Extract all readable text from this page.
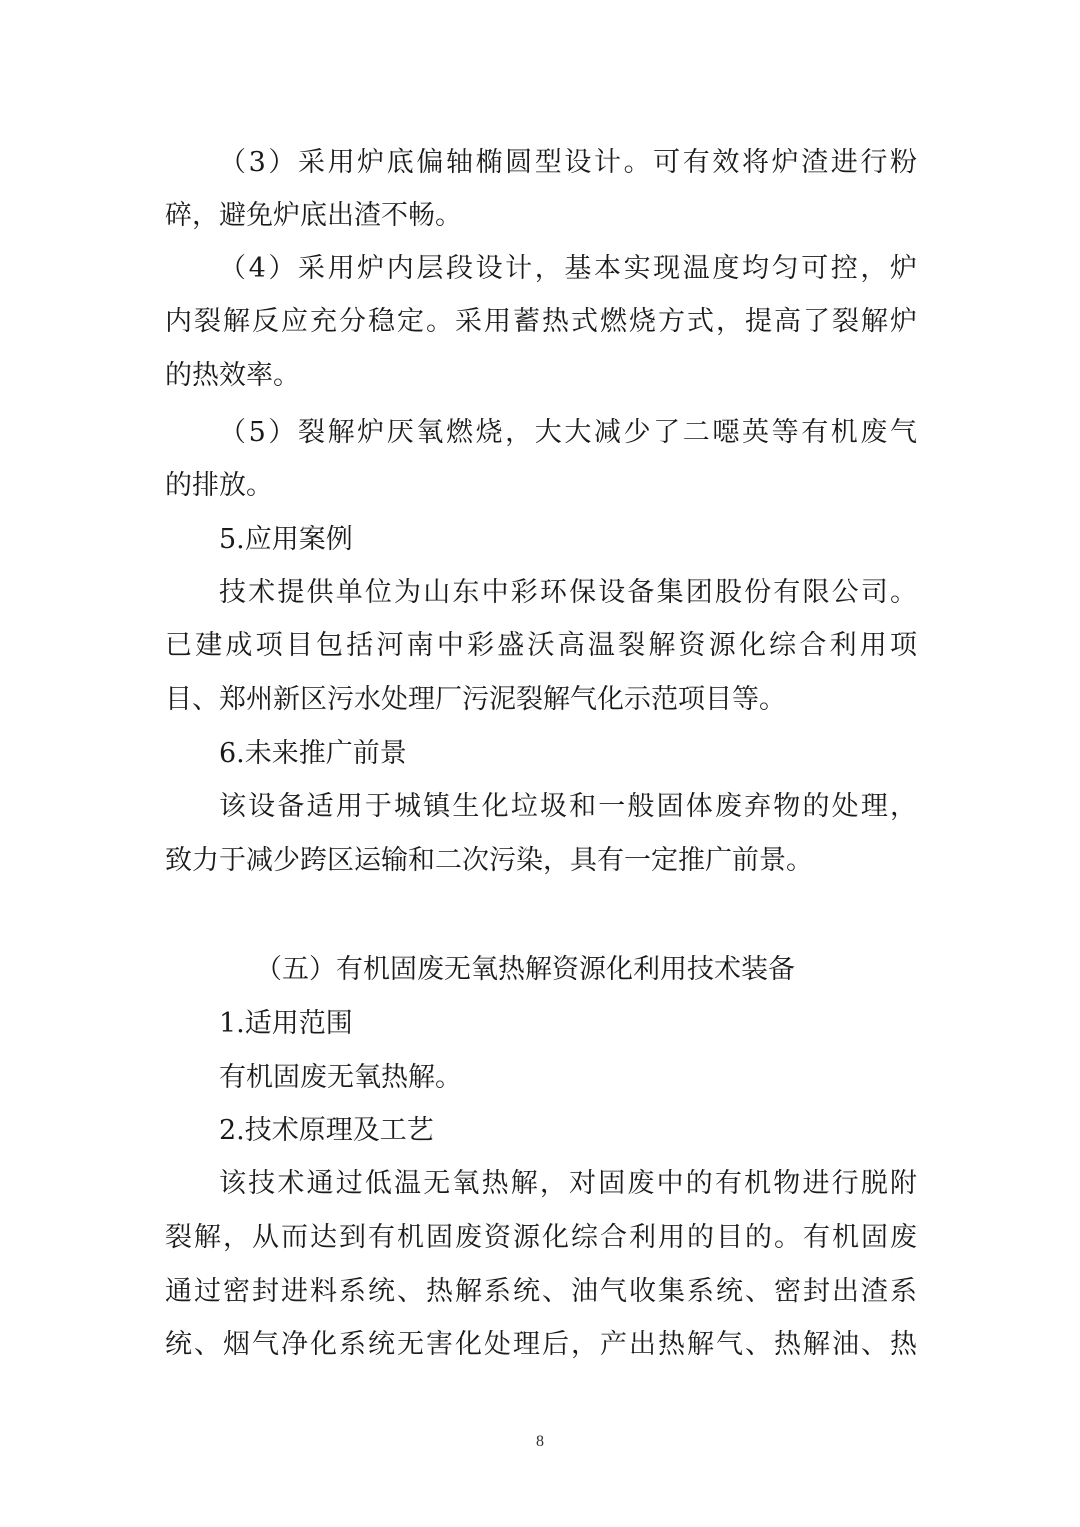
（3）采用炉底偏轴椭圆型设计。可有效将炉渣进行粉
碎，避免炉底出渣不畅。
（4）采用炉内层段设计，基本实现温度均匀可控，炉
内裂解反应充分稳定。采用蓄热式燃烧方式，提高了裂解炉
的热效率。
（5）裂解炉厌氧燃烧，大大减少了二噁英等有机废气
的排放。
5.应用案例
技术提供单位为山东中彩环保设备集团股份有限公司。
已建成项目包括河南中彩盛沃高温裂解资源化综合利用项
目、郑州新区污水处理厂污泥裂解气化示范项目等。
6.未来推广前景
该设备适用于城镇生化垃圾和一般固体废弃物的处理，
致力于减少跨区运输和二次污染，具有一定推广前景。
（五）有机固废无氧热解资源化利用技术装备
1.适用范围
有机固废无氧热解。
2.技术原理及工艺
该技术通过低温无氧热解，对固废中的有机物进行脱附
裂解，从而达到有机固废资源化综合利用的目的。有机固废
通过密封进料系统、热解系统、油气收集系统、密封出渣系
统、烟气净化系统无害化处理后，产出热解气、热解油、热
8
